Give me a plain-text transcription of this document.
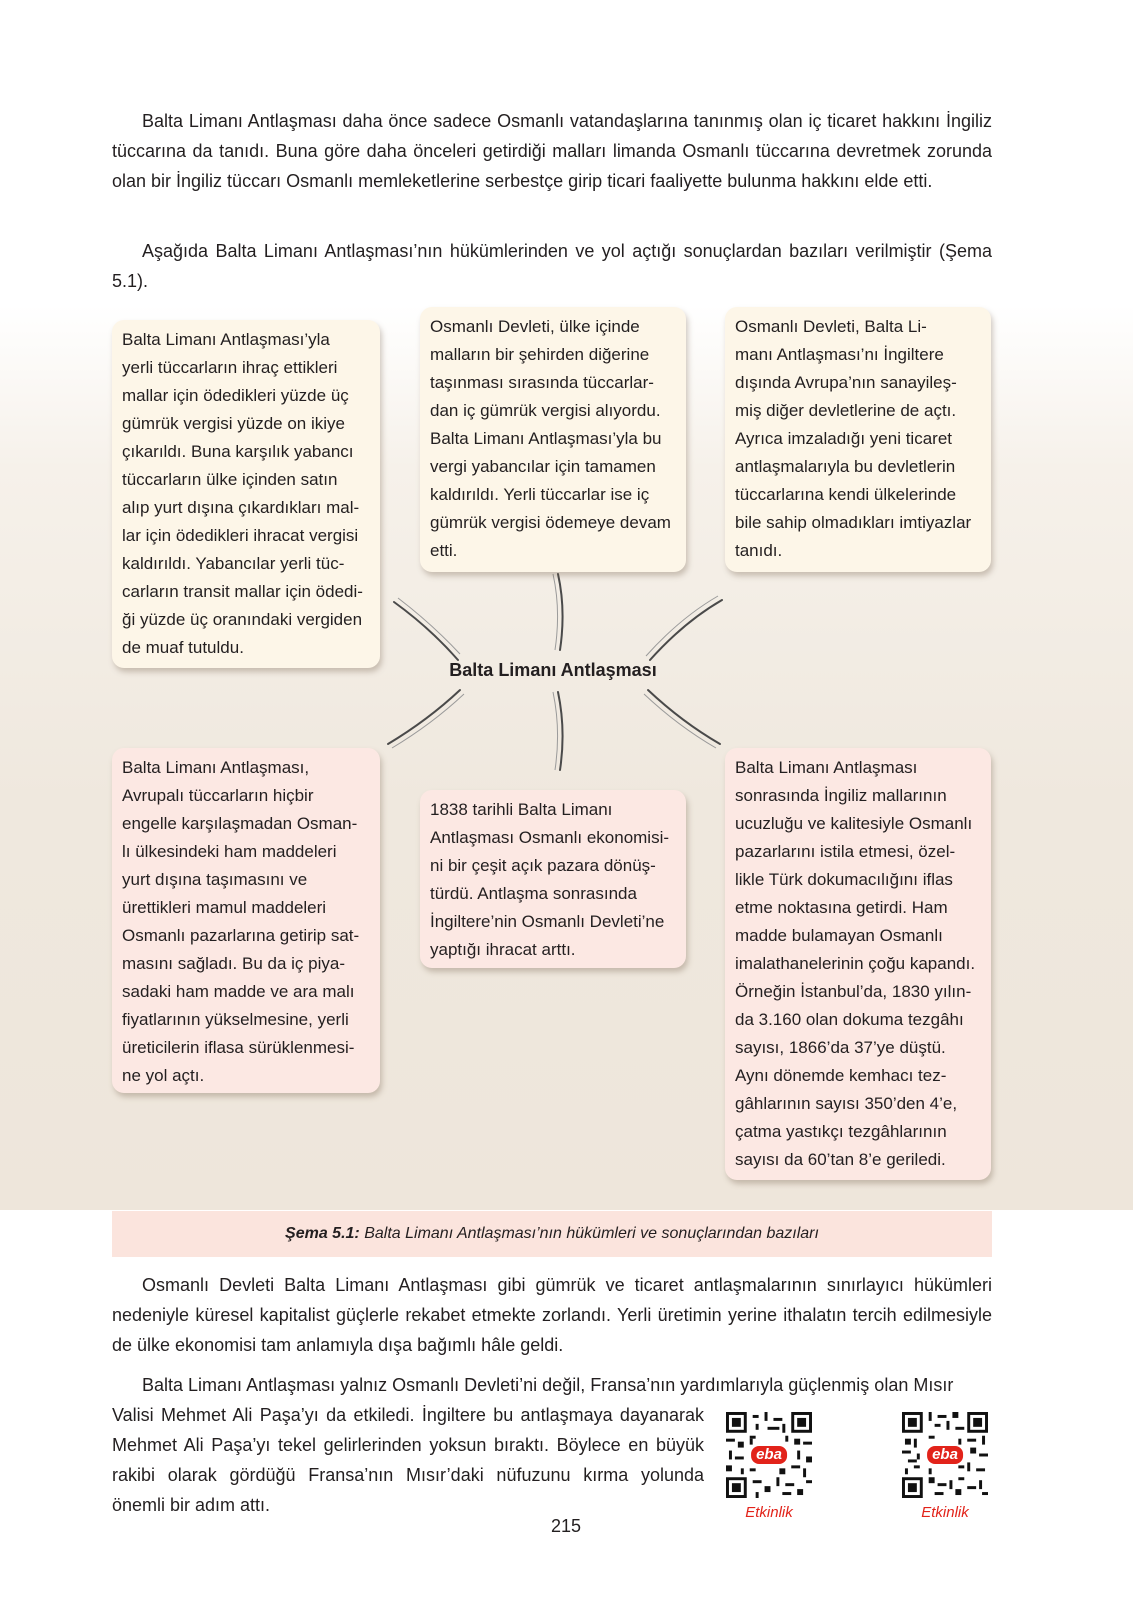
Balta Limanı Antlaşması daha önce sadece Osmanlı vatandaşlarına tanınmış olan iç ticaret hakkını İngiliz tüccarına da tanıdı. Buna göre daha önceleri getirdiği malları limanda Osmanlı tüccarına devretmek zorunda olan bir İngiliz tüccarı Osmanlı memleketlerine serbestçe girip ticari faaliyette bulunma hakkını elde etti.

Aşağıda Balta Limanı Antlaşması’nın hükümlerinden ve yol açtığı sonuçlardan bazıları verilmiştir (Şema 5.1).

Balta Limanı Antlaşması’yla
yerli tüccarların ihraç ettikleri
mallar için ödedikleri yüzde üç
gümrük vergisi yüzde on ikiye
çıkarıldı. Buna karşılık yabancı
tüccarların ülke içinden satın
alıp yurt dışına çıkardıkları mal-
lar için ödedikleri ihracat vergisi
kaldırıldı. Yabancılar yerli tüc-
carların transit mallar için ödedi-
ği yüzde üç oranındaki vergiden
de muaf tutuldu.
Osmanlı Devleti, ülke içinde
malların bir şehirden diğerine
taşınması sırasında tüccarlar-
dan iç gümrük vergisi alıyordu.
Balta Limanı Antlaşması’yla bu
vergi yabancılar için tamamen
kaldırıldı. Yerli tüccarlar ise iç
gümrük vergisi ödemeye devam
etti.
Osmanlı Devleti, Balta Li-
manı Antlaşması’nı İngiltere
dışında Avrupa’nın sanayileş-
miş diğer devletlerine de açtı.
Ayrıca imzaladığı yeni ticaret
antlaşmalarıyla bu devletlerin
tüccarlarına kendi ülkelerinde
bile sahip olmadıkları imtiyazlar
tanıdı.
Balta Limanı Antlaşması
Balta Limanı Antlaşması,
Avrupalı tüccarların hiçbir
engelle karşılaşmadan Osman-
lı ülkesindeki ham maddeleri
yurt dışına taşımasını ve
ürettikleri mamul maddeleri
Osmanlı pazarlarına getirip sat-
masını sağladı. Bu da iç piya-
sadaki ham madde ve ara malı
fiyatlarının yükselmesine, yerli
üreticilerin iflasa sürüklenmesi-
ne yol açtı.
1838 tarihli Balta Limanı
Antlaşması Osmanlı ekonomisi-
ni bir çeşit açık pazara dönüş-
türdü. Antlaşma sonrasında
İngiltere’nin Osmanlı Devleti’ne
yaptığı ihracat arttı.
Balta Limanı Antlaşması
sonrasında İngiliz mallarının
ucuzluğu ve kalitesiyle Osmanlı
pazarlarını istila etmesi, özel-
likle Türk dokumacılığını iflas
etme noktasına getirdi. Ham
madde bulamayan Osmanlı
imalathanelerinin çoğu kapandı.
Örneğin İstanbul’da, 1830 yılın-
da 3.160 olan dokuma tezgâhı
sayısı, 1866’da 37’ye düştü.
Aynı dönemde kemhacı tez-
gâhlarının sayısı 350’den 4’e,
çatma yastıkçı tezgâhlarının
sayısı da 60’tan 8’e geriledi.
Şema 5.1: Balta Limanı Antlaşması’nın hükümleri ve sonuçlarından bazıları

Osmanlı Devleti Balta Limanı Antlaşması gibi gümrük ve ticaret antlaşmalarının sınırlayıcı hükümleri nedeniyle küresel kapitalist güçlerle rekabet etmekte zorlandı. Yerli üretimin yerine ithalatın tercih edilmesiyle de ülke ekonomisi tam anlamıyla dışa bağımlı hâle geldi.

Balta Limanı Antlaşması yalnız Osmanlı Devleti’ni değil, Fransa’nın yardımlarıyla güçlenmiş olan Mısır

Valisi Mehmet Ali Paşa’yı da etkiledi. İngiltere bu antlaşmaya dayanarak Mehmet Ali Paşa’yı tekel gelirlerinden yoksun bıraktı. Böylece en büyük rakibi olarak gördüğü Fransa’nın Mısır’daki nüfuzunu kırma yolunda önemli bir adım attı.

eba
Etkinlik
eba
Etkinlik
215
